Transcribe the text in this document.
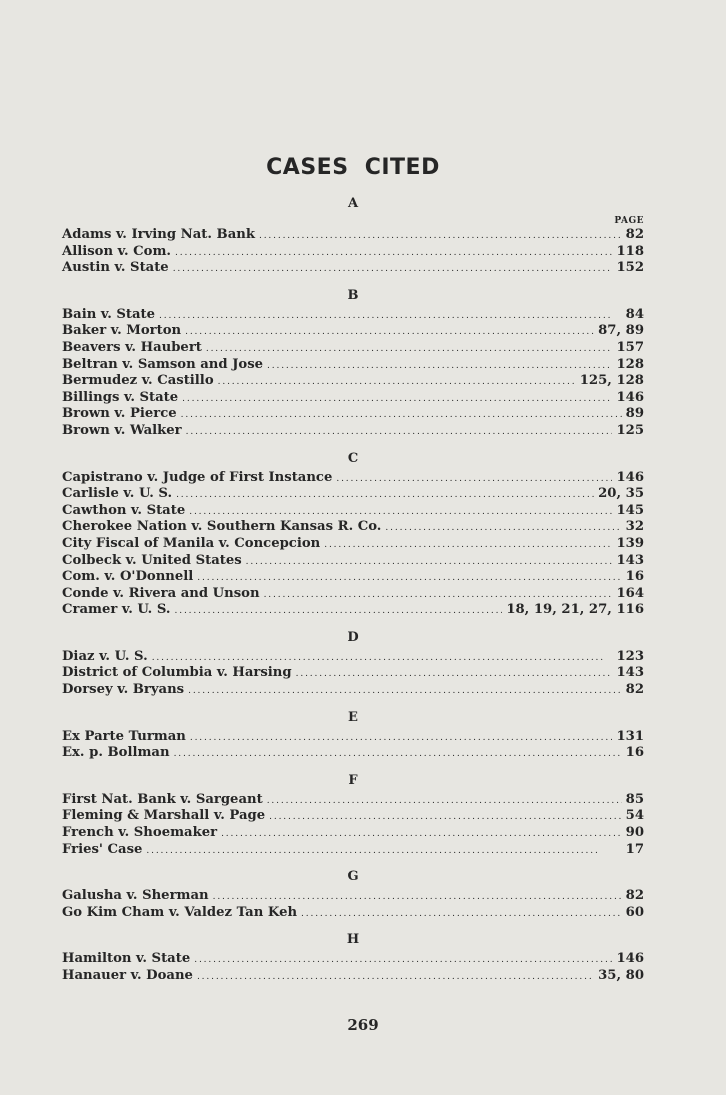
CASES CITED
A
PAGE
Adams v. Irving Nat. Bank . . .	82
Allison v. Com. . . .	118
Austin v. State . . .	152
B
Bain v. State . . .	84
Baker v. Morton . . .	87, 89
Beavers v. Haubert . . .	157
Beltran v. Samson and Jose . . .	128
Bermudez v. Castillo . . .	125, 128
Billings v. State . . .	146
Brown v. Pierce . . .	89
Brown v. Walker . . .	125
C
Capistrano v. Judge of First Instance . . .	146
Carlisle v. U. S. . . .	20, 35
Cawthon v. State . . .	145
Cherokee Nation v. Southern Kansas R. Co. . . .	32
City Fiscal of Manila v. Concepcion . . .	139
Colbeck v. United States . . .	143
Com. v. O'Donnell . . .	16
Conde v. Rivera and Unson . . .	164
Cramer v. U. S. . . .	18, 19, 21, 27, 116
D
Diaz v. U. S. . . .	123
District of Columbia v. Harsing . . .	143
Dorsey v. Bryans . . .	82
E
Ex Parte Turman . . .	131
Ex. p. Bollman . . .	16
F
First Nat. Bank v. Sargeant . . .	85
Fleming & Marshall v. Page . . .	54
French v. Shoemaker . . .	90
Fries' Case . . .	17
G
Galusha v. Sherman . . .	82
Go Kim Cham v. Valdez Tan Keh . . .	60
H
Hamilton v. State . . .	146
Hanauer v. Doane . . .	35, 80
269
